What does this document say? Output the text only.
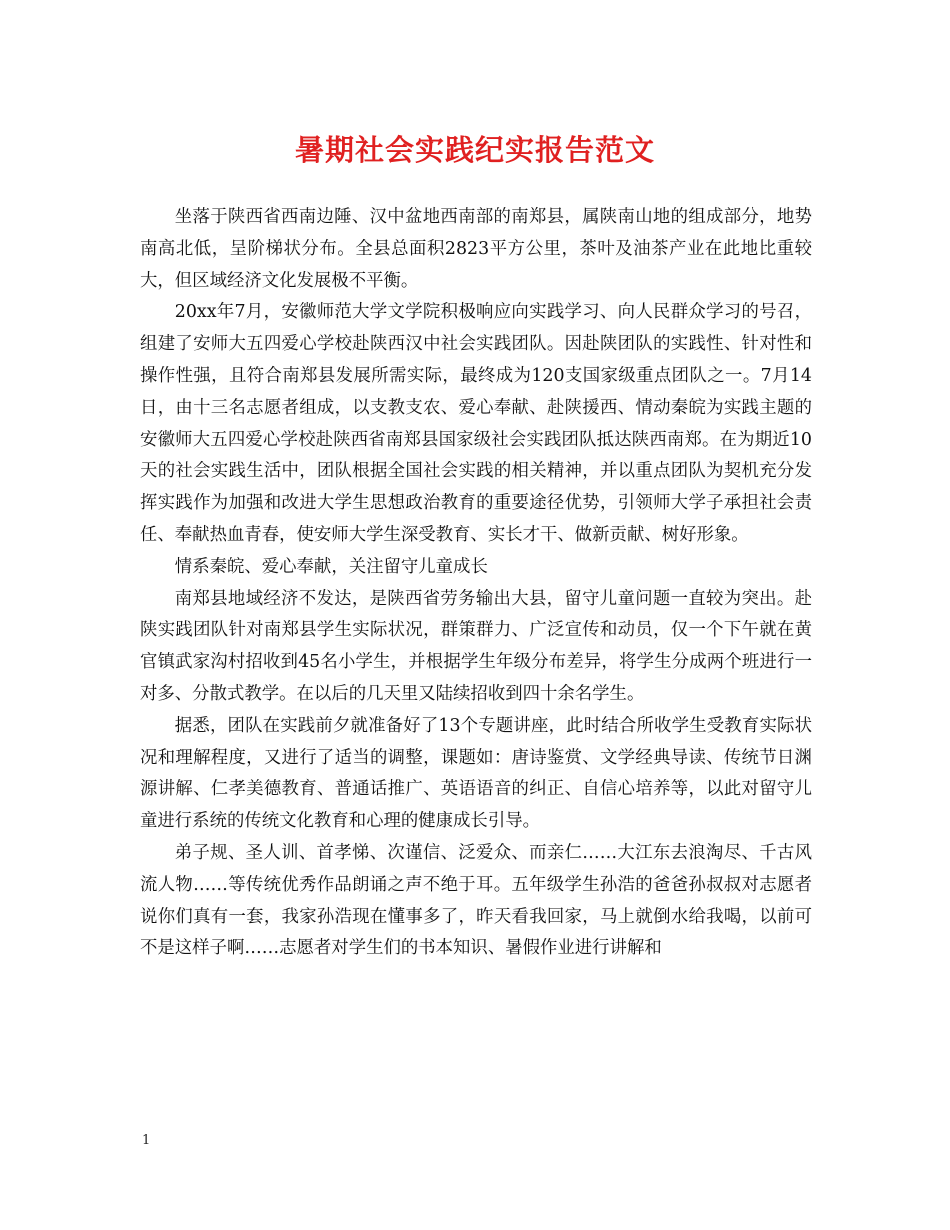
暑期社会实践纪实报告范文

坐落于陕西省西南边陲、汉中盆地西南部的南郑县，属陕南山地的组成部分，地势南高北低，呈阶梯状分布。全县总面积2823平方公里，茶叶及油茶产业在此地比重较大，但区域经济文化发展极不平衡。

20xx年7月，安徽师范大学文学院积极响应向实践学习、向人民群众学习的号召，组建了安师大五四爱心学校赴陕西汉中社会实践团队。因赴陕团队的实践性、针对性和操作性强，且符合南郑县发展所需实际，最终成为120支国家级重点团队之一。7月14日，由十三名志愿者组成，以支教支农、爱心奉献、赴陕援西、情动秦皖为实践主题的安徽师大五四爱心学校赴陕西省南郑县国家级社会实践团队抵达陕西南郑。在为期近10天的社会实践生活中，团队根据全国社会实践的相关精神，并以重点团队为契机充分发挥实践作为加强和改进大学生思想政治教育的重要途径优势，引领师大学子承担社会责任、奉献热血青春，使安师大学生深受教育、实长才干、做新贡献、树好形象。

情系秦皖、爱心奉献，关注留守儿童成长

南郑县地域经济不发达，是陕西省劳务输出大县，留守儿童问题一直较为突出。赴陕实践团队针对南郑县学生实际状况，群策群力、广泛宣传和动员，仅一个下午就在黄官镇武家沟村招收到45名小学生，并根据学生年级分布差异，将学生分成两个班进行一对多、分散式教学。在以后的几天里又陆续招收到四十余名学生。

据悉，团队在实践前夕就准备好了13个专题讲座，此时结合所收学生受教育实际状况和理解程度，又进行了适当的调整，课题如：唐诗鉴赏、文学经典导读、传统节日渊源讲解、仁孝美德教育、普通话推广、英语语音的纠正、自信心培养等，以此对留守儿童进行系统的传统文化教育和心理的健康成长引导。

弟子规、圣人训、首孝悌、次谨信、泛爱众、而亲仁……大江东去浪淘尽、千古风流人物……等传统优秀作品朗诵之声不绝于耳。五年级学生孙浩的爸爸孙叔叔对志愿者说你们真有一套，我家孙浩现在懂事多了，昨天看我回家，马上就倒水给我喝，以前可不是这样子啊……志愿者对学生们的书本知识、暑假作业进行讲解和

1
